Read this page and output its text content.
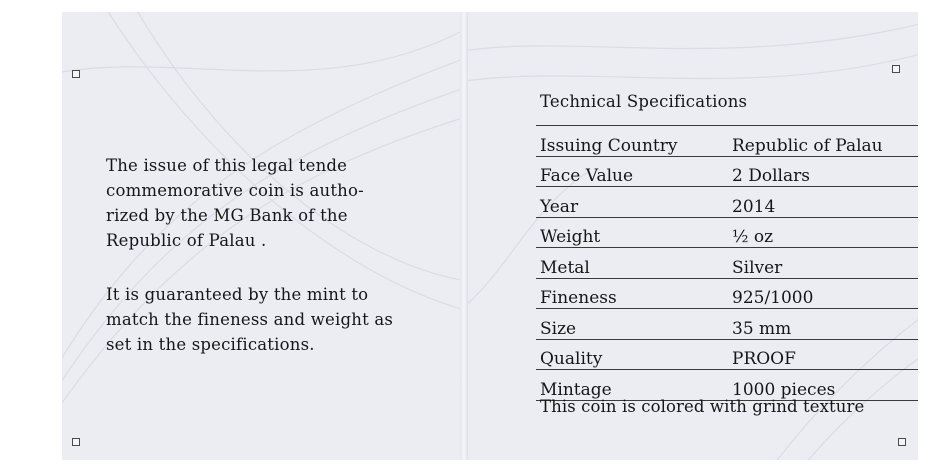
The issue of this legal tende commemorative coin is autho-rized by the MG Bank of the Republic of Palau .

It is guaranteed by the mint to match the fineness and weight as set in the specifications.

Technical Specifications

Issuing Country	Republic of Palau
Face Value	2 Dollars
Year	2014
Weight	½ oz
Metal	Silver
Fineness	925/1000
Size	35 mm
Quality	PROOF
Mintage	1000 pieces

This coin is colored with grind texture
